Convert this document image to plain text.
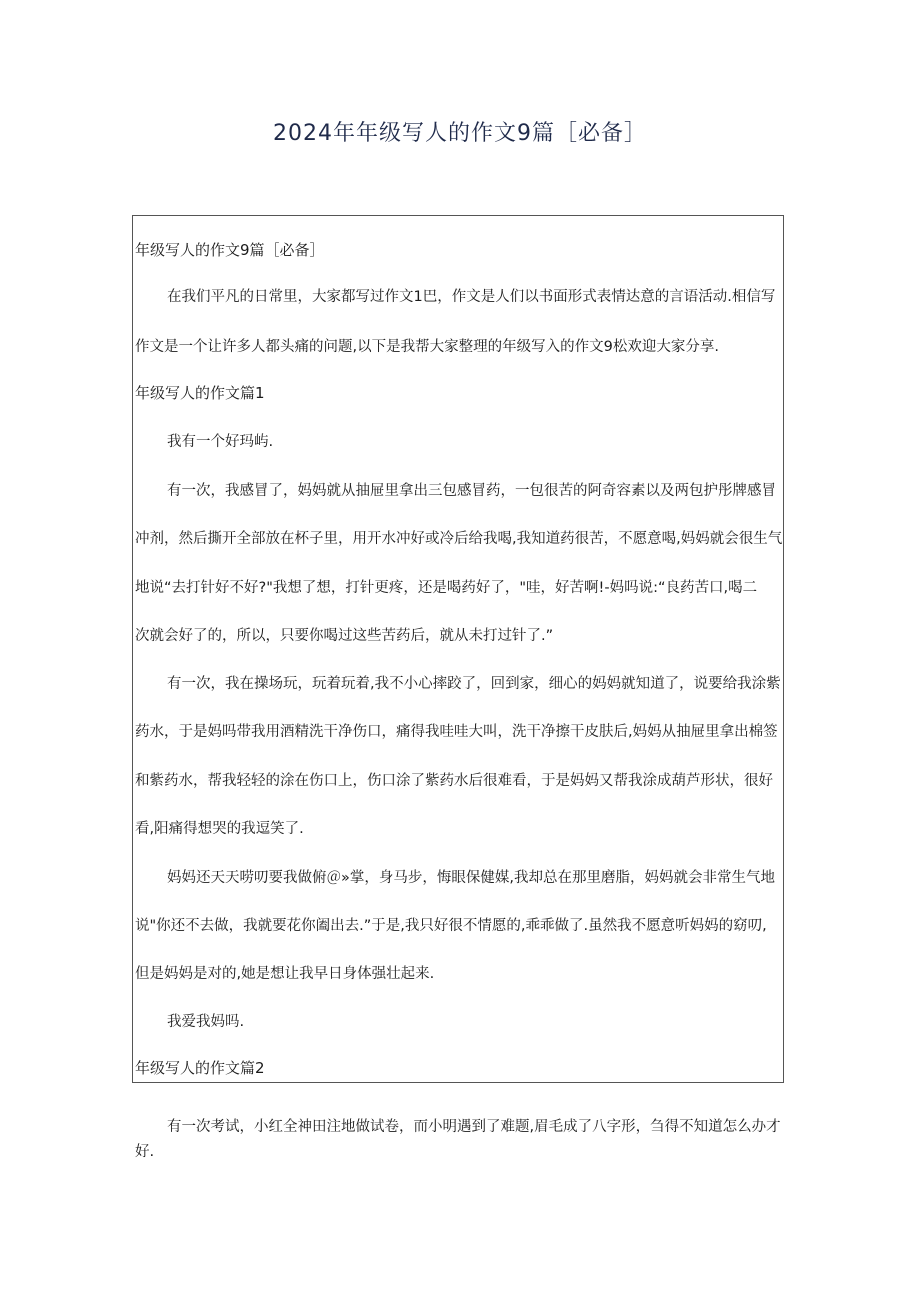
2024年年级写人的作文9篇［必备］
年级写人的作文9篇［必备］
在我们平凡的日常里，大家都写过作文1巴，作文是人们以书面形式表情达意的言语活动.相信写
作文是一个让许多人都头痛的问题,以下是我帮大家整理的年级写入的作文9松欢迎大家分享.
年级写人的作文篇1
我有一个好玛屿.
有一次，我感冒了，妈妈就从抽屉里拿出三包感冒药，一包很苦的阿奇容素以及两包护彤牌感冒
冲剂，然后撕开全部放在杯子里，用开水冲好或冷后给我喝,我知道药很苦，不愿意喝,妈妈就会很生气
地说“去打针好不好?"我想了想，打针更疼，还是喝药好了，"哇，好苦啊!-妈吗说:“良药苦口,喝二
次就会好了的，所以，只要你喝过这些苦药后，就从未打过针了.”
有一次，我在操场玩，玩着玩着,我不小心摔跤了，回到家，细心的妈妈就知道了，说要给我涂紫
药水，于是妈吗带我用酒精洗干净伤口，痛得我哇哇大叫，洗干净擦干皮肤后,妈妈从抽屉里拿出棉签
和紫药水，帮我轻轻的涂在伤口上，伤口涂了紫药水后很难看，于是妈妈又帮我涂成葫芦形状，很好
看,阳痛得想哭的我逗笑了.
妈妈还天天唠叨要我做俯＠»掌，身马步，悔眼保健媒,我却总在那里磨脂，妈妈就会非常生气地
说"你还不去做，我就要花你阖出去.”于是,我只好很不情愿的,乖乖做了.虽然我不愿意听妈妈的窈叨,
但是妈妈是对的,她是想让我早日身体强壮起来.
我爱我妈吗.
年级写人的作文篇2
有一次考试，小红全神田注地做试卷，而小明遇到了难题,眉毛成了八字形，刍得不知道怎么办才
好.
